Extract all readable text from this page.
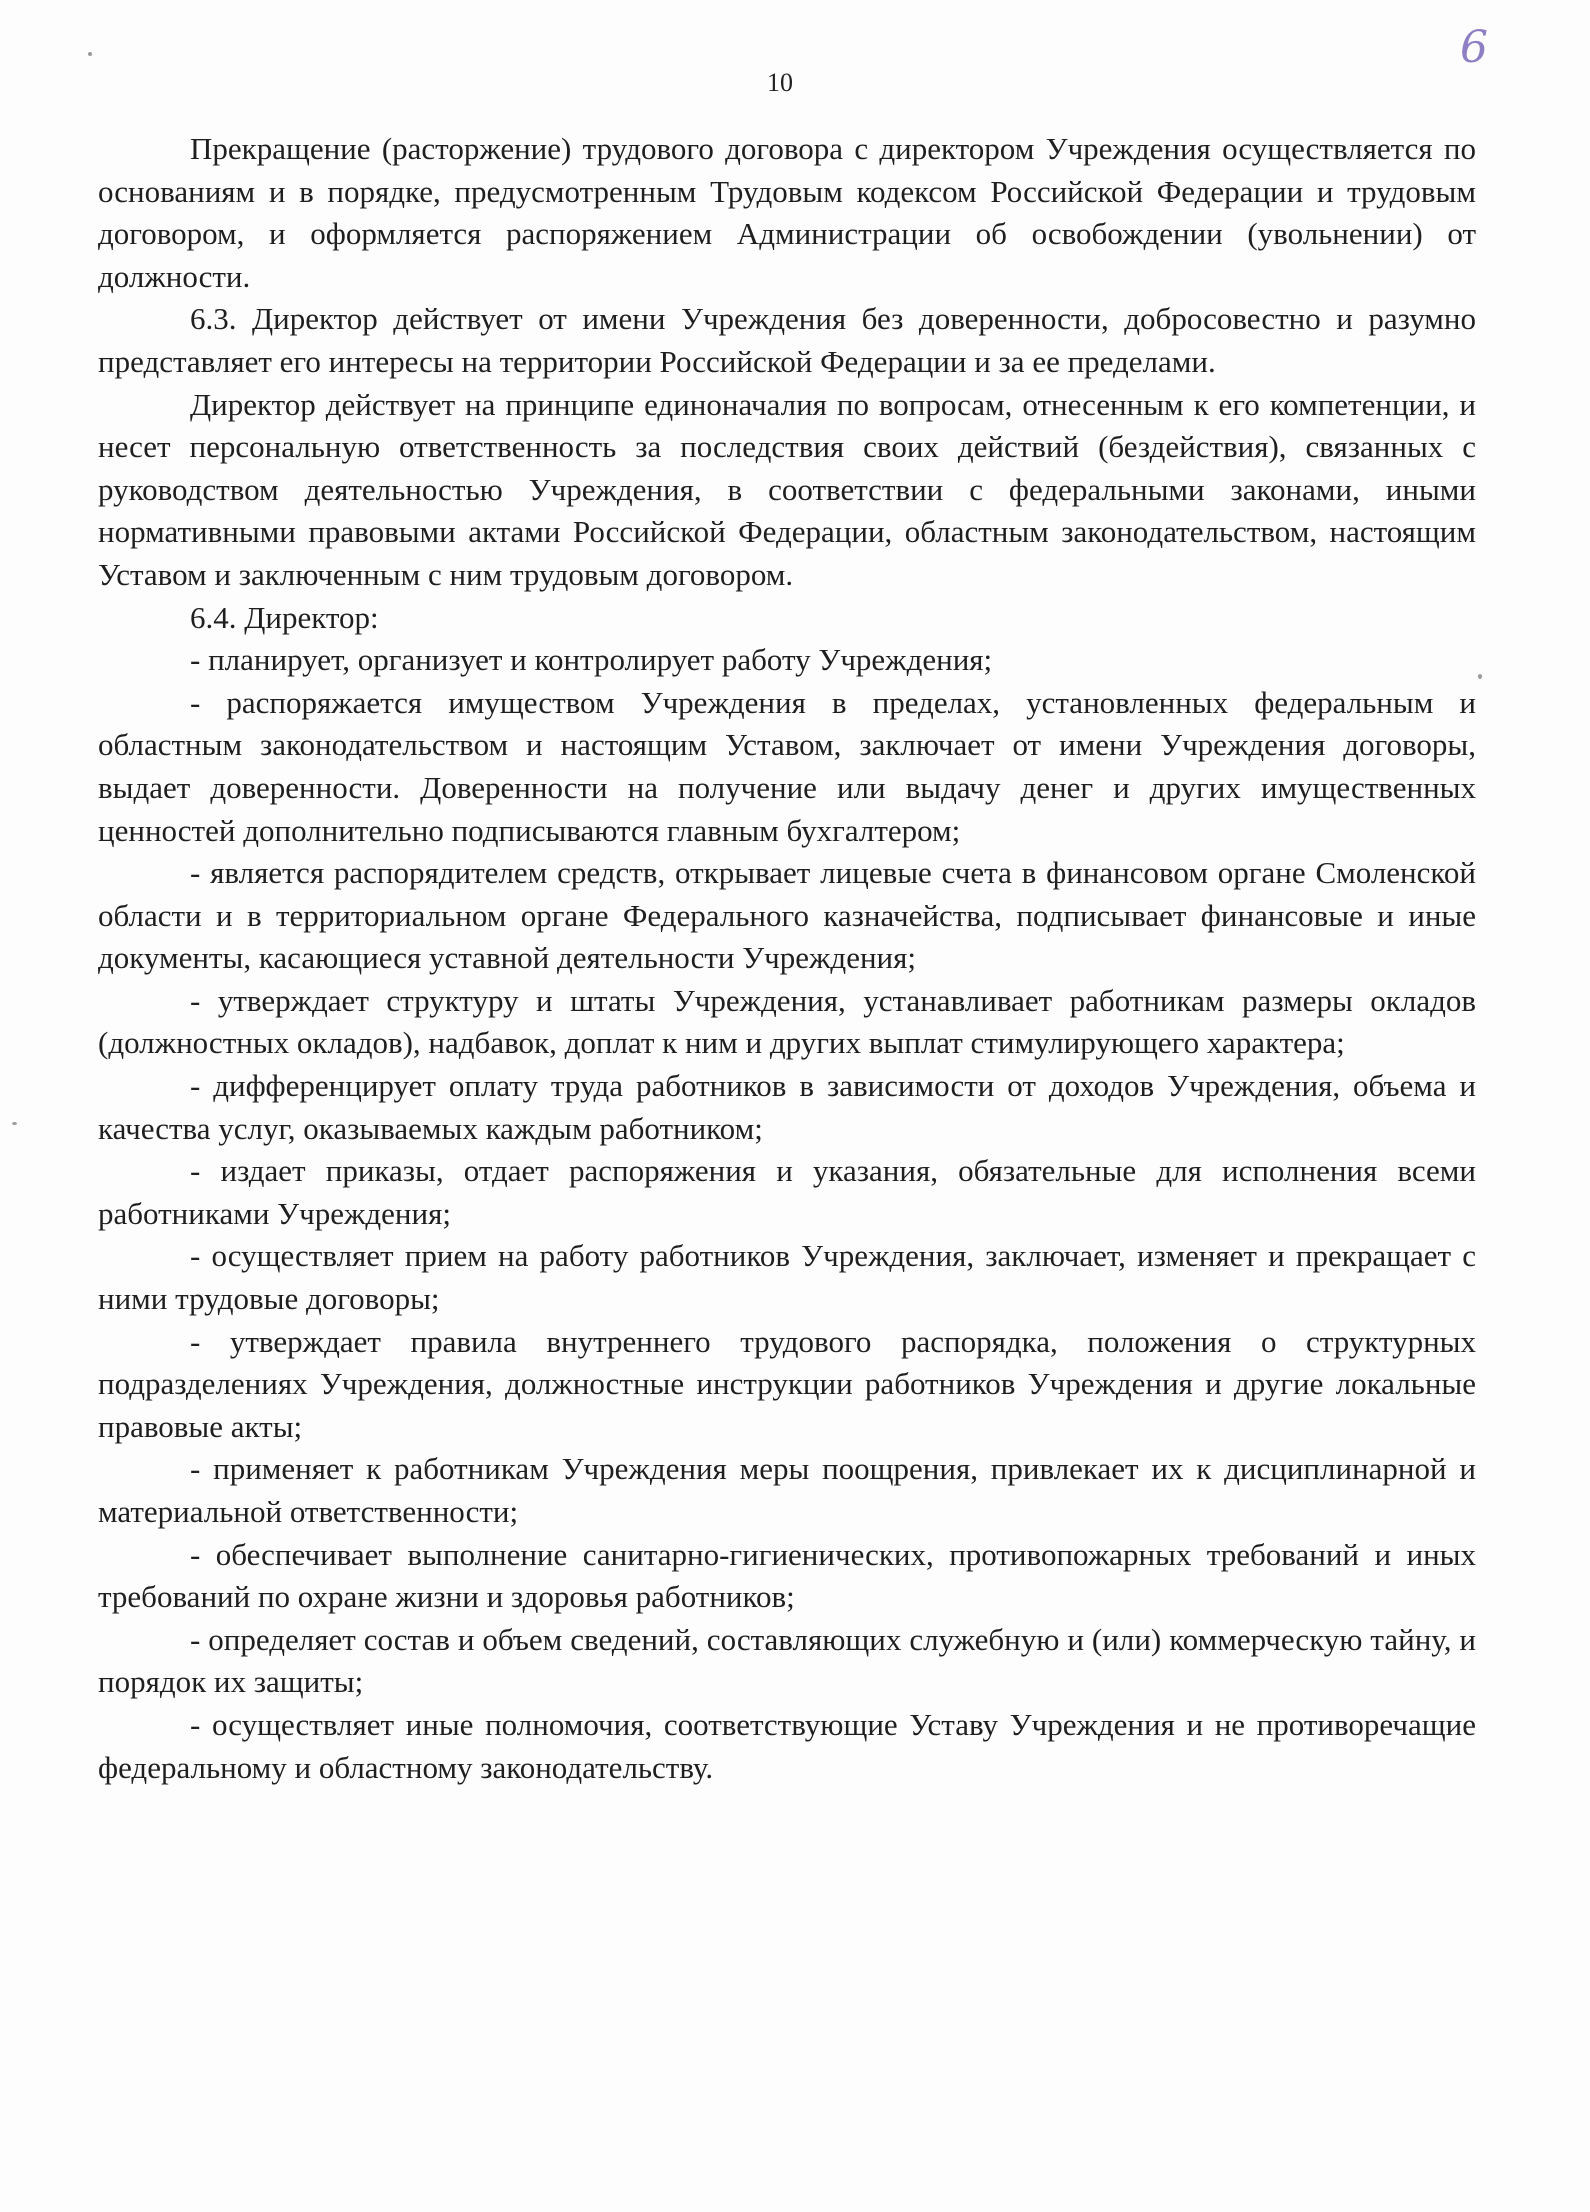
10
6

Прекращение (расторжение) трудового договора с директором Учреждения осуществляется по основаниям и в порядке, предусмотренным Трудовым кодексом Российской Федерации и трудовым договором, и оформляется распоряжением Администрации об освобождении (увольнении) от должности.

6.3. Директор действует от имени Учреждения без доверенности, добросовестно и разумно представляет его интересы на территории Российской Федерации и за ее пределами.

Директор действует на принципе единоначалия по вопросам, отнесенным к его компетенции, и несет персональную ответственность за последствия своих действий (бездействия), связанных с руководством деятельностью Учреждения, в соответствии с федеральными законами, иными нормативными правовыми актами Российской Федерации, областным законодательством, настоящим Уставом и заключенным с ним трудовым договором.

6.4. Директор:

- планирует, организует и контролирует работу Учреждения;

- распоряжается имуществом Учреждения в пределах, установленных федеральным и областным законодательством и настоящим Уставом, заключает от имени Учреждения договоры, выдает доверенности. Доверенности на получение или выдачу денег и других имущественных ценностей дополнительно подписываются главным бухгалтером;

- является распорядителем средств, открывает лицевые счета в финансовом органе Смоленской области и в территориальном органе Федерального казначейства, подписывает финансовые и иные документы, касающиеся уставной деятельности Учреждения;

- утверждает структуру и штаты Учреждения, устанавливает работникам размеры окладов (должностных окладов), надбавок, доплат к ним и других выплат стимулирующего характера;

- дифференцирует оплату труда работников в зависимости от доходов Учреждения, объема и качества услуг, оказываемых каждым работником;

- издает приказы, отдает распоряжения и указания, обязательные для исполнения всеми работниками Учреждения;

- осуществляет прием на работу работников Учреждения, заключает, изменяет и прекращает с ними трудовые договоры;

- утверждает правила внутреннего трудового распорядка, положения о структурных подразделениях Учреждения, должностные инструкции работников Учреждения и другие локальные правовые акты;

- применяет к работникам Учреждения меры поощрения, привлекает их к дисциплинарной и материальной ответственности;

- обеспечивает выполнение санитарно-гигиенических, противопожарных требований и иных требований по охране жизни и здоровья работников;

- определяет состав и объем сведений, составляющих служебную и (или) коммерческую тайну, и порядок их защиты;

- осуществляет иные полномочия, соответствующие Уставу Учреждения и не противоречащие федеральному и областному законодательству.
